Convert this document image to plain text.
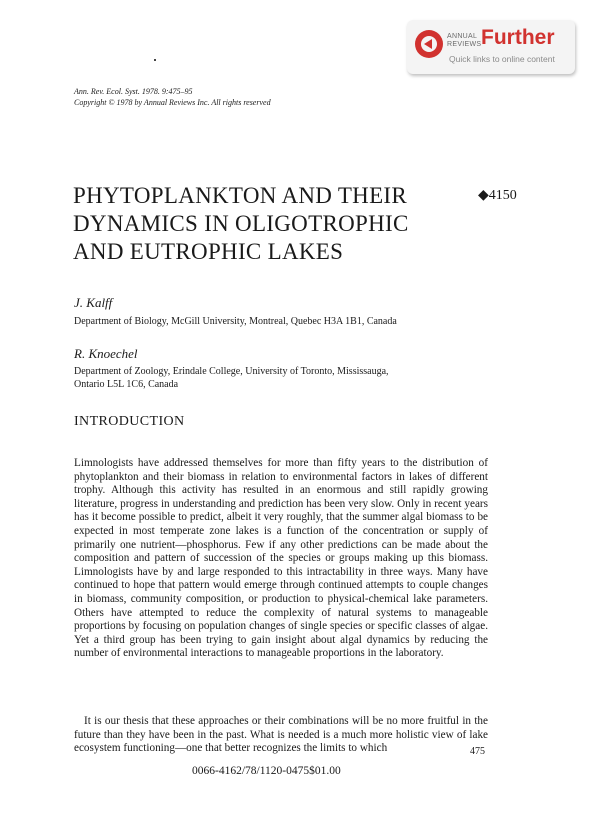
ANNUAL
REVIEWS Further
Quick links to online content
Ann. Rev. Ecol. Syst. 1978. 9:475–95
Copyright © 1978 by Annual Reviews Inc. All rights reserved
PHYTOPLANKTON AND THEIR
DYNAMICS IN OLIGOTROPHIC
AND EUTROPHIC LAKES
◆4150
J. Kalff
Department of Biology, McGill University, Montreal, Quebec H3A 1B1, Canada
R. Knoechel
Department of Zoology, Erindale College, University of Toronto, Mississauga,
Ontario L5L 1C6, Canada
INTRODUCTION

Limnologists have addressed themselves for more than fifty years to the distribution of phytoplankton and their biomass in relation to environmental factors in lakes of different trophy. Although this activity has resulted in an enormous and still rapidly growing literature, progress in understanding and prediction has been very slow. Only in recent years has it become possible to predict, albeit it very roughly, that the summer algal biomass to be expected in most temperate zone lakes is a function of the concentration or supply of primarily one nutrient—phosphorus. Few if any other predictions can be made about the composition and pattern of succession of the species or groups making up this biomass. Limnologists have by and large responded to this intractability in three ways. Many have continued to hope that pattern would emerge through continued attempts to couple changes in biomass, community composition, or production to physical-chemical lake parameters. Others have attempted to reduce the complexity of natural systems to manageable proportions by focusing on population changes of single species or specific classes of algae. Yet a third group has been trying to gain insight about algal dynamics by reducing the number of environmental interactions to manageable proportions in the laboratory.

It is our thesis that these approaches or their combinations will be no more fruitful in the future than they have been in the past. What is needed is a much more holistic view of lake ecosystem functioning—one that better recognizes the limits to which	475
0066-4162/78/1120-0475$01.00
